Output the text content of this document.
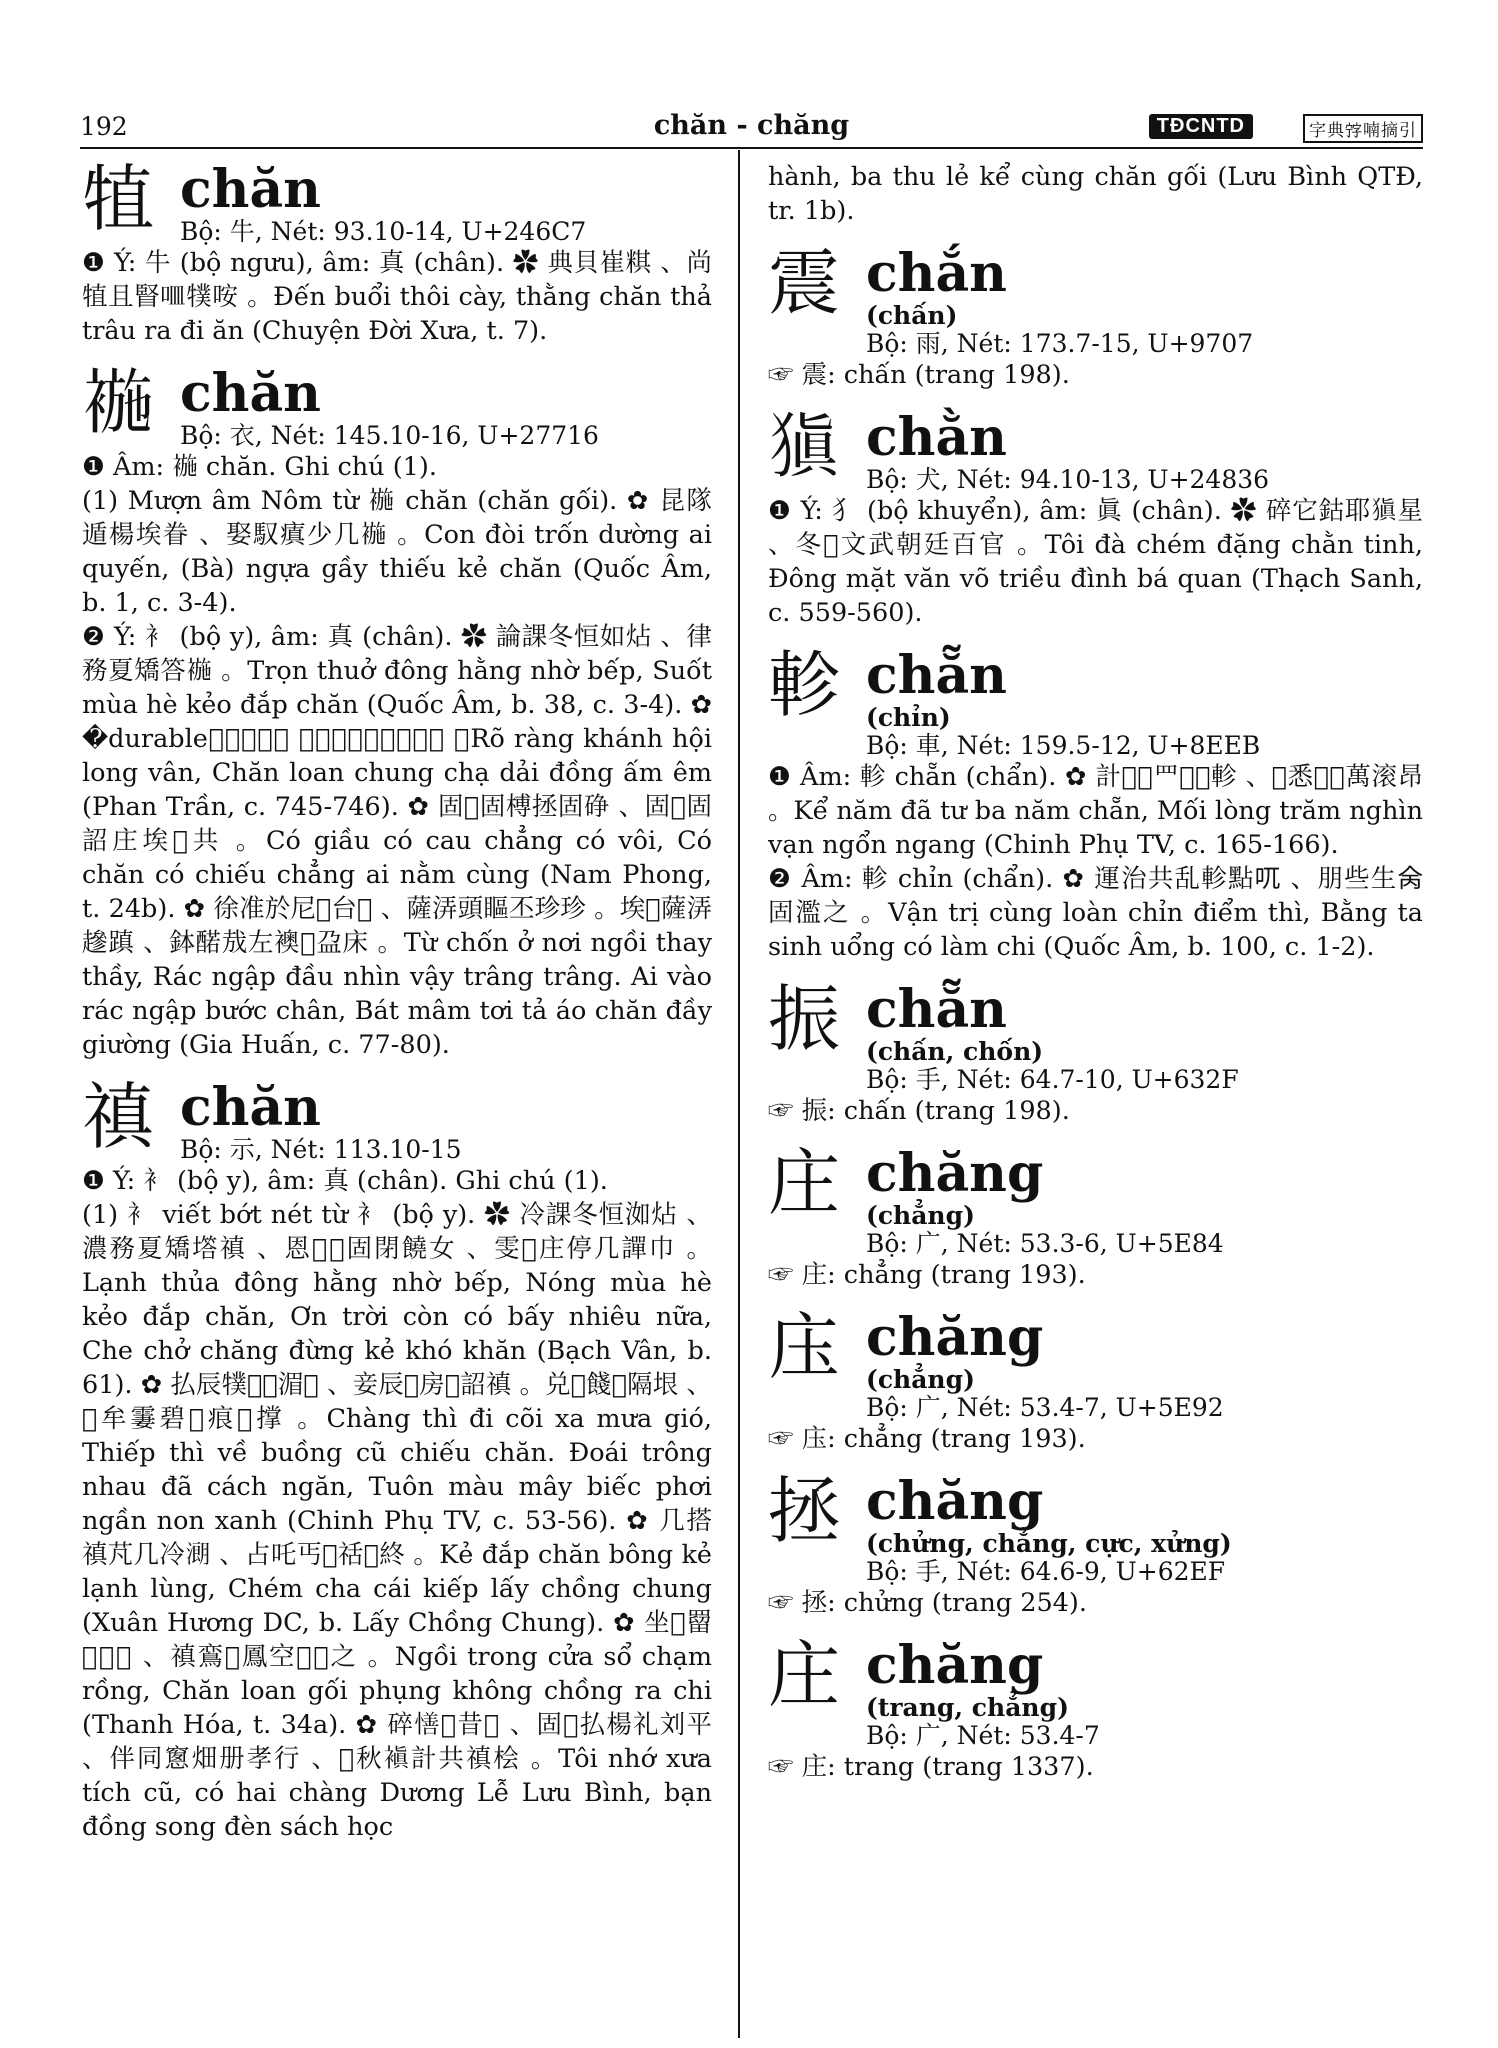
192	chăn - chăng	TĐCNTD	字典𡨸喃摘引
犆 chăn
Bộ: 牛, Nét: 93.10-14, U+246C7

❶ Ý: 牛 (bộ ngưu), âm: 真 (chân). ✿ 典貝崔粸 、尚犆且䁂𠰘㹒咹 。Đến buổi thôi cày, thằng chăn thả trâu ra đi ăn (Chuyện Đời Xưa, t. 7).

𧛖 chăn
Bộ: 衣, Nét: 145.10-16, U+27716

❶ Âm: 𧛖 chăn. Ghi chú (1).

(1) Mượn âm Nôm từ 𧛖 chăn (chăn gối). ✿ 昆隊遁楊埃眷 、娶馭瘨少几𧛖 。Con đòi trốn dường ai quyến, (Bà) ngựa gầy thiếu kẻ chăn (Quốc Âm, b. 1, c. 3-4).

❷ Ý: 衤 (bộ y), âm: 真 (chân). ✿ 論課冬恒如炶 、律務夏矯答𧛖 。Trọn thuở đông hằng nhờ bếp, Suốt mùa hè kẻo đắp chăn (Quốc Âm, b. 38, c. 3-4). ✿ �durable𦇌慶會龍雲 、𧛖鸞終乍繻同蔭淹 。Rõ ràng khánh hội long vân, Chăn loan chung chạ dải đồng ấm êm (Phan Trần, c. 745-746). ✿ 固𪹂固榑拯固碀 、固𧛖固詔庄埃𦛌共 。Có giầu có cau chẳng có vôi, Có chăn có chiếu chẳng ai nằm cùng (Nam Phong, t. 24b). ✿ 徐准於尼𠸦台𧗱 、薩㳥頭瞘丕珍珍 。埃𠇍薩㳥䟃蹎 、鉢䤀㦲左襖𧛖盁床 。Từ chốn ở nơi ngồi thay thầy, Rác ngập đầu nhìn vậy trâng trâng. Ai vào rác ngập bước chân, Bát mâm tơi tả áo chăn đầy giường (Gia Huấn, c. 77-80).

禛 chăn
Bộ: 示, Nét: 113.10-15

❶ Ý: 衤 (bộ y), âm: 真 (chân). Ghi chú (1).

(1) 衤 viết bớt nét từ 衤 (bộ y). ✿ 冷課冬恒洳炶 、濃務夏矯㙮禛 、恩𡗶𡗶固閉饒女 、雯𧗱庄停几譂巾 。Lạnh thủa đông hằng nhờ bếp, Nóng mùa hè kẻo đắp chăn, Ơn trời còn có bấy nhiêu nữa, Che chở chăng đừng kẻ khó khăn (Bạch Vân, b. 61). ✿ 払辰㹒𡍚𨖲湄𥙎 、妾辰𧗱房𩙻詔禛 。兑𩍣餞𠀧隔垠 、𣼽牟霋碧𡏧痕𢹿撑 。Chàng thì đi cõi xa mưa gió, Thiếp thì về buồng cũ chiếu chăn. Đoái trông nhau đã cách ngăn, Tuôn màu mây biếc phơi ngần non xanh (Chinh Phụ TV, c. 53-56). ✿ 几搭禛芃几冷𣼽 、占吒丐𠠩䄆𩛂終 。Kẻ đắp chăn bông kẻ lạnh lùng, Chém cha cái kiếp lấy chồng chung (Xuân Hương DC, b. Lấy Chồng Chung). ✿ 坐𨓐罶𣘃𢲫𧓅 、禛鵉𧜖鳳空𩛂𠎣之 。Ngồi trong cửa sổ chạm rồng, Chăn loan gối phụng không chồng ra chi (Thanh Hóa, t. 34a). ✿ 碎𢢆𢘾昔𩙻 、固𠄩払楊礼刘平 、伴同窻畑册孝行 、𨑮秋𧜖計共禛桧 。Tôi nhớ xưa tích cũ, có hai chàng Dương Lễ Lưu Bình, bạn đồng song đèn sách học

hành, ba thu lẻ kể cùng chăn gối (Lưu Bình QTĐ, tr. 1b).

震 chắn
(chấn)
Bộ: 雨, Nét: 173.7-15, U+9707

☞ 震: chấn (trang 198).

𤠶 chằn
Bộ: 犬, Nét: 94.10-13, U+24836

❶ Ý: 犭 (bộ khuyển), âm: 眞 (chân). ✿ 碎它鈷耶𤠶星 、冬𩈘文武朝廷百官 。Tôi đà chém đặng chằn tinh, Đông mặt văn võ triều đình bá quan (Thạch Sanh, c. 559-560).

軫 chẵn
(chỉn)
Bộ: 車, Nét: 159.5-12, U+8EEB

❶ Âm: 軫 chẵn (chẩn). ✿ 計𢆥𠤆罒𢀨𢆥軫 、𢝙悉𢀭𢀮萬滚昂 。Kể năm đã tư ba năm chẵn, Mối lòng trăm nghìn vạn ngổn ngang (Chinh Phụ TV, c. 165-166).

❷ Âm: 軫 chỉn (chẩn). ✿ 運治共乱軫點𠮾 、朋些生𠇮固濫之 。Vận trị cùng loàn chỉn điểm thì, Bằng ta sinh uổng có làm chi (Quốc Âm, b. 100, c. 1-2).

振 chẵn
(chấn, chốn)
Bộ: 手, Nét: 64.7-10, U+632F

☞ 振: chấn (trang 198).

庄 chăng
(chẳng)
Bộ: 广, Nét: 53.3-6, U+5E84

☞ 庄: chẳng (trang 193).

庒 chăng
(chẳng)
Bộ: 广, Nét: 53.4-7, U+5E92

☞ 庒: chẳng (trang 193).

拯 chăng
(chửng, chẳng, cực, xửng)
Bộ: 手, Nét: 64.6-9, U+62EF

☞ 拯: chửng (trang 254).

庄 chăng
(trang, chẳng)
Bộ: 广, Nét: 53.4-7

☞ 庄: trang (trang 1337).
